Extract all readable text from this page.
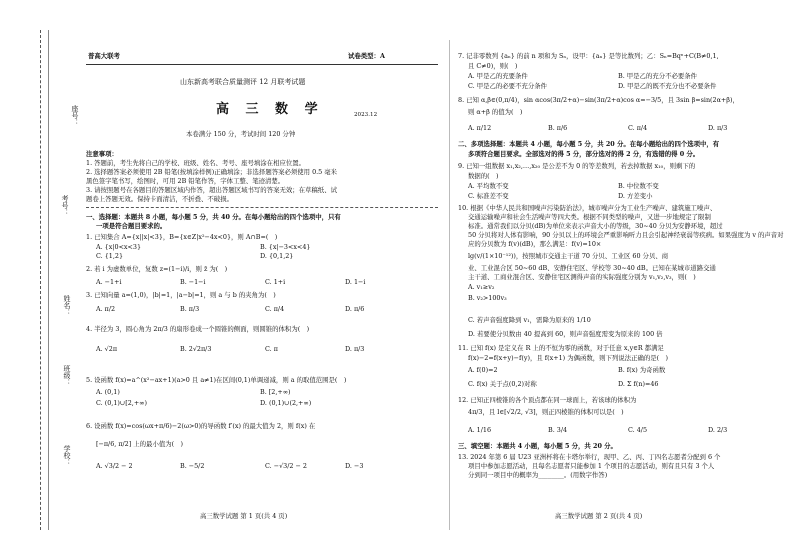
座号：
考号：
姓名：
班级：
学校：
普高大联考	试卷类型：A
山东新高考联合质量测评 12 月联考试题
高 三 数 学	2023.12
本卷满分 150 分，考试时间 120 分钟
注意事项：
1. 答题前，考生先将自己的学校、班级、姓名、考号、座号填涂在相应位置。
2. 选择题答案必须使用 2B 铅笔(按填涂样例)正确填涂；非选择题答案必须使用 0.5 毫米
黑色签字笔书写，绘图时，可用 2B 铅笔作答，字体工整、笔迹清楚。
3. 请按照题号在各题目的答题区域内作答，超出答题区域书写的答案无效；在草稿纸、试
题卷上答题无效。保持卡面清洁，不折叠、不破损。
一、选择题：本题共 8 小题，每小题 5 分，共 40 分。在每小题给出的四个选项中，只有
一项是符合题目要求的。
1. 已知集合 A={x||x|<3}，B={x∈Z|x²−4x<0}，则 A∩B=(　)
A. {x|0<x<3}	B. {x|−3<x<4}
C. {1,2}	D. {0,1,2}
2. 若 i 为虚数单位，复数 z=(1−i)/i，则 z̄ 为(　)
A. −1+i	B. −1−i	C. 1+i	D. 1−i
3. 已知向量 a=(1,0)，|b|=1，|a−b|=1，则 a 与 b 的夹角为(　)
A. π/2	B. π/3	C. π/4	D. π/6
4. 半径为 3，圆心角为 2π/3 的扇形卷成一个圆锥的侧面，则圆锥的体积为(　)
A. √2π	B. 2√2π/3	C. π	D. π/3
5. 设函数 f(x)=a^(x²−ax+1)(a>0 且 a≠1)在区间(0,1)单调递减，则 a 的取值范围是(　)
A. (0,1)	B. [2,+∞)
C. (0,1)∪[2,+∞)	D. (0,1)∪(2,+∞)
6. 设函数 f(x)=cos(ωx+π/6)−2(ω>0)的导函数 f′(x) 的最大值为 2，则 f(x) 在
[−π/6, π/2] 上的最小值为(　)
A. √3/2 − 2	B. −5/2	C. −√3/2 − 2	D. −3
高三数学试题 第 1 页(共 4 页)
7. 记非零数列 {aₙ} 的前 n 项和为 Sₙ，设甲：{aₙ} 是等比数列；乙：Sₙ=Bqⁿ+C(B≠0,1,
且 C≠0)，则(　)
A. 甲是乙的充要条件	B. 甲是乙的充分不必要条件
C. 甲是乙的必要不充分条件	D. 甲是乙的既不充分也不必要条件
8. 已知 α,β∈(0,π/4)，sin αcos(3π/2+α)−sin(3π/2+α)cos α=−3/5，且 3sin β=sin(2α+β)，
则 α+β 的值为(　)
A. π/12	B. π/6	C. π/4	D. π/3
二、多项选择题：本题共 4 小题，每小题 5 分，共 20 分。在每小题给出的四个选项中，有
多项符合题目要求。全部选对的得 5 分，部分选对的得 2 分，有选错的得 0 分。
9. 已知一组数据 x₁,x₂,…,x₂₀ 是公差不为 0 的等差数列，若去掉数据 x₁₀，则剩下的
数据的(　)
A. 平均数不变	B. 中位数不变
C. 标准差不变	D. 方差变小
10. 根据《中华人民共和国噪声污染防治法》，城市噪声分为工业生产噪声、建筑施工噪声、
交通运输噪声和社会生活噪声等四大类。根据不同类型的噪声，又进一步地规定了限制
标准。通常我们以分贝(dB)为单位来表示声音大小的等级，30~40 分贝为安静环境，超过
50 分贝将对人体有影响，90 分贝以上的环境会严重影响听力且会引起神经衰弱等疾病。如果强度为 v 的声音对应的分贝数为 f(v)(dB)，那么满足：f(v)=10×
lg(v/(1×10⁻¹²))，按照城市交通主干道 70 分贝、工业区 60 分贝、商
业、工业混合区 50~60 dB、安静住宅区、学校等 30~40 dB。已知在某城市道路交通
主干道、工商业混合区、安静住宅区测得声音的实际强度分别为 v₁,v₂,v₃，则(　)
A. v₁≥v₂
B. v₂>100v₃
C. 若声音强度降到 v₁，需降为原来的 1/10
D. 若要使分贝数由 40 提高到 60，则声音强度需变为原来的 100 倍
11. 已知 f(x) 是定义在 R 上的不恒为零的函数，对于任意 x,y∈R 都满足
f(x)−2=f(x+y)−f(y)，且 f(x+1) 为偶函数，则下列说法正确的是(　)
A. f(0)=2	B. f(x) 为奇函数
C. f(x) 关于点(0,2)对称	D. Σ f(n)=46
12. 已知正四棱锥的各个顶点都在同一球面上，若该球的体积为
4π/3，且 l∈[√2/2, √3]，则正四棱锥的体积可以是(　)
A. 1/16	B. 3/4	C. 4/5	D. 2/3
三、填空题：本题共 4 小题，每小题 5 分，共 20 分。
13. 2024 年第 6 届 U23 亚洲杯将在卡塔尔举行，现甲、乙、丙、丁四名志愿者分配到 6 个
项目中参加志愿活动，且每名志愿者只能参加 1 个项目的志愿活动，则有且只有 3 个人
分到同一项目中的概率为________。(用数字作答)
高三数学试题 第 2 页(共 4 页)
